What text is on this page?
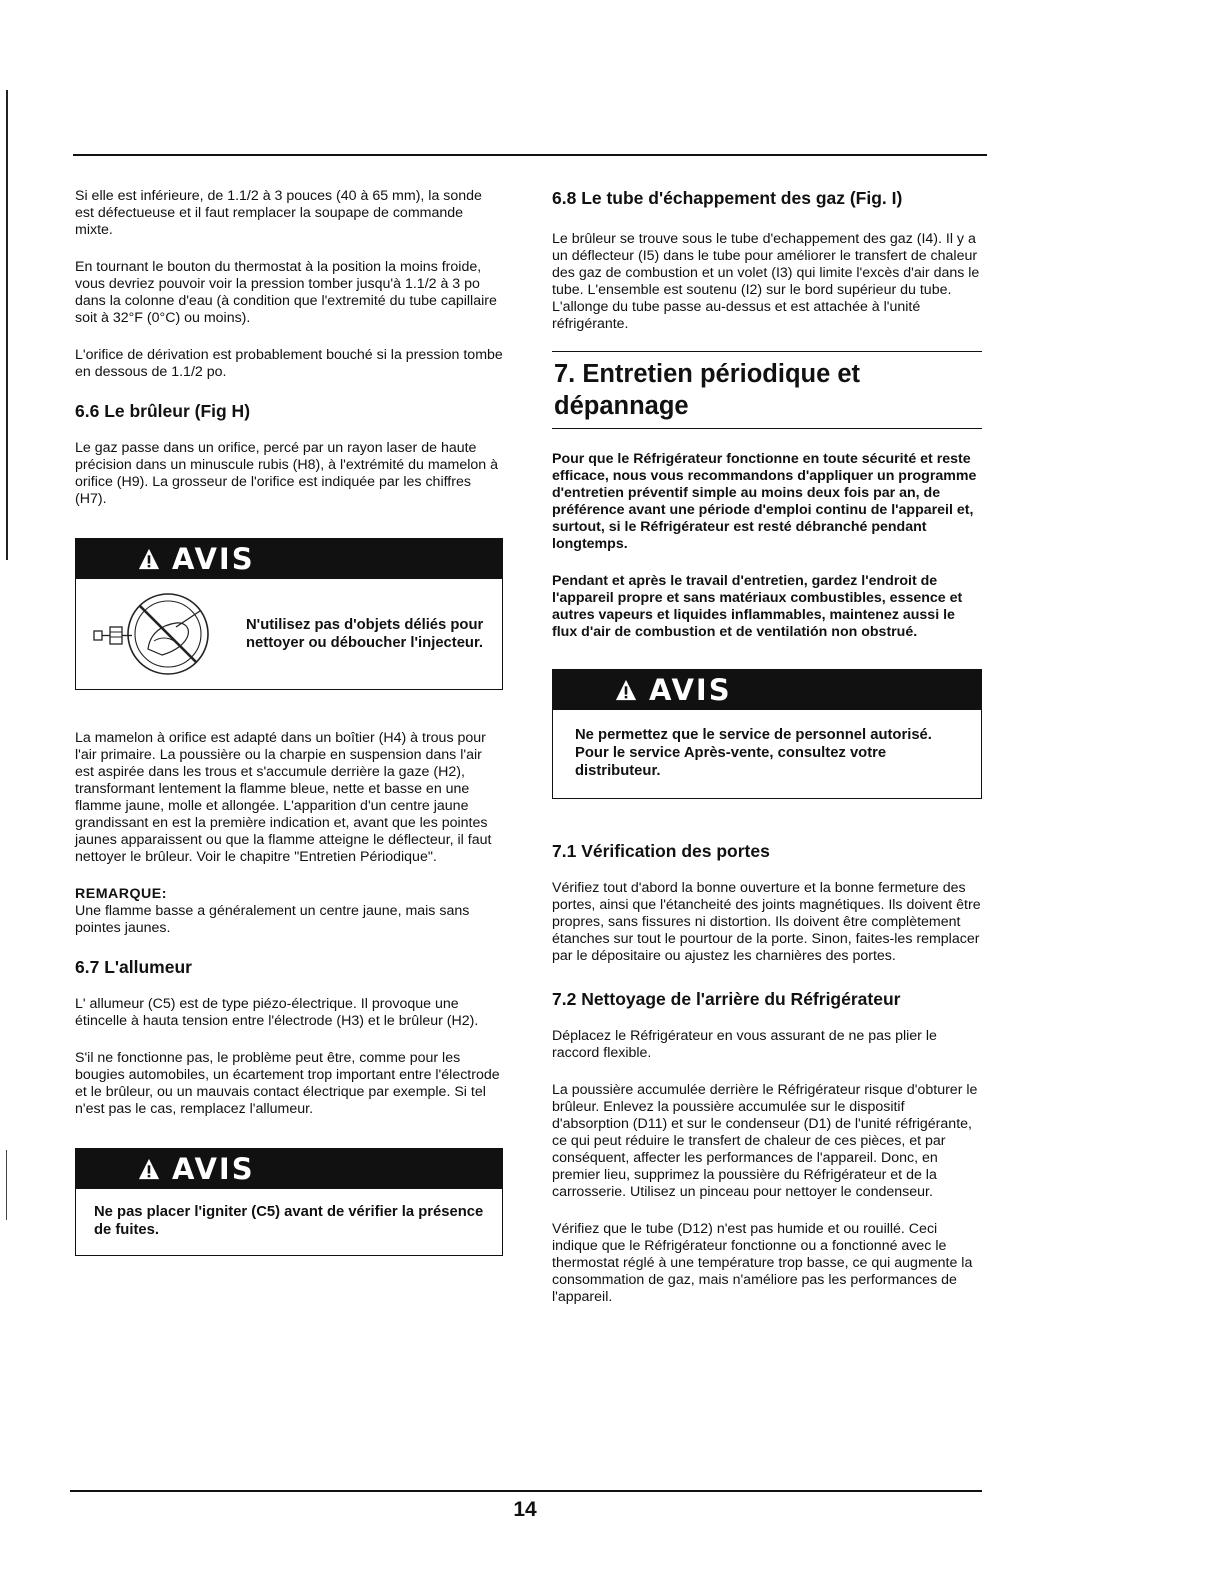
Si elle est inférieure, de 1.1/2 à 3 pouces (40 à 65 mm), la sonde est défectueuse et il faut remplacer la soupape de commande mixte.

En tournant le bouton du thermostat à la position la moins froide, vous devriez pouvoir voir la pression tomber jusqu'à 1.1/2 à 3 po dans la colonne d'eau (à condition que l'extremité du tube capillaire soit à 32°F (0°C) ou moins).

L'orifice de dérivation est probablement bouché si la pression tombe en dessous de 1.1/2 po.

6.6 Le brûleur (Fig H)

Le gaz passe dans un orifice, percé par un rayon laser de haute précision dans un minuscule rubis (H8), à l'extrémité du mamelon à orifice (H9). La grosseur de l'orifice est indiquée par les chiffres (H7).

AVIS
N'utilisez pas d'objets déliés pour nettoyer ou déboucher l'injecteur.

La mamelon à orifice est adapté dans un boîtier (H4) à trous pour l'air primaire. La poussière ou la charpie en suspension dans l'air est aspirée dans les trous et s'accumule derrière la gaze (H2), transformant lentement la flamme bleue, nette et basse en une flamme jaune, molle et allongée. L'apparition d'un centre jaune grandissant en est la première indication et, avant que les pointes jaunes apparaissent ou que la flamme atteigne le déflecteur, il faut nettoyer le brûleur. Voir le chapitre "Entretien Périodique".

REMARQUE:
Une flamme basse a généralement un centre jaune, mais sans pointes jaunes.

6.7 L'allumeur

L' allumeur (C5) est de type piézo-électrique. Il provoque une étincelle à hauta tension entre l'électrode (H3) et le brûleur (H2).

S'il ne fonctionne pas, le problème peut être, comme pour les bougies automobiles, un écartement trop important entre l'électrode et le brûleur, ou un mauvais contact électrique par exemple. Si tel n'est pas le cas, remplacez l'allumeur.

AVIS
Ne pas placer l'igniter (C5) avant de vérifier la présence de fuites.
6.8 Le tube d'échappement des gaz (Fig. I)

Le brûleur se trouve sous le tube d'echappement des gaz (I4). Il y a un déflecteur (I5) dans le tube pour améliorer le transfert de chaleur des gaz de combustion et un volet (I3) qui limite l'excès d'air dans le tube. L'ensemble est soutenu (I2) sur le bord supérieur du tube. L'allonge du tube passe au-dessus et est attachée à l'unité réfrigérante.

7. Entretien périodique et dépannage

Pour que le Réfrigérateur fonctionne en toute sécurité et reste efficace, nous vous recommandons d'appliquer un programme d'entretien préventif simple au moins deux fois par an, de préférence avant une période d'emploi continu de l'appareil et, surtout, si le Réfrigérateur est resté débranché pendant longtemps.

Pendant et après le travail d'entretien, gardez l'endroit de l'appareil propre et sans matériaux combustibles, essence et autres vapeurs et liquides inflammables, maintenez aussi le flux d'air de combustion et de ventilatión non obstrué.

AVIS
Ne permettez que le service de personnel autorisé. Pour le service Après-vente, consultez votre distributeur.
7.1 Vérification des portes

Vérifiez tout d'abord la bonne ouverture et la bonne fermeture des portes, ainsi que l'étancheité des joints magnétiques. Ils doivent être propres, sans fissures ni distortion. Ils doivent être complètement étanches sur tout le pourtour de la porte. Sinon, faites-les remplacer par le dépositaire ou ajustez les charnières des portes.

7.2 Nettoyage de l'arrière du Réfrigérateur

Déplacez le Réfrigérateur en vous assurant de ne pas plier le raccord flexible.

La poussière accumulée derrière le Réfrigérateur risque d'obturer le brûleur. Enlevez la poussière accumulée sur le dispositif d'absorption (D11) et sur le condenseur (D1) de l'unité réfrigérante, ce qui peut réduire le transfert de chaleur de ces pièces, et par conséquent, affecter les performances de l'appareil. Donc, en premier lieu, supprimez la poussière du Réfrigérateur et de la carrosserie. Utilisez un pinceau pour nettoyer le condenseur.

Vérifiez que le tube (D12) n'est pas humide et ou rouillé. Ceci indique que le Réfrigérateur fonctionne ou a fonctionné avec le thermostat réglé à une température trop basse, ce qui augmente la consommation de gaz, mais n'améliore pas les performances de l'appareil.

14
